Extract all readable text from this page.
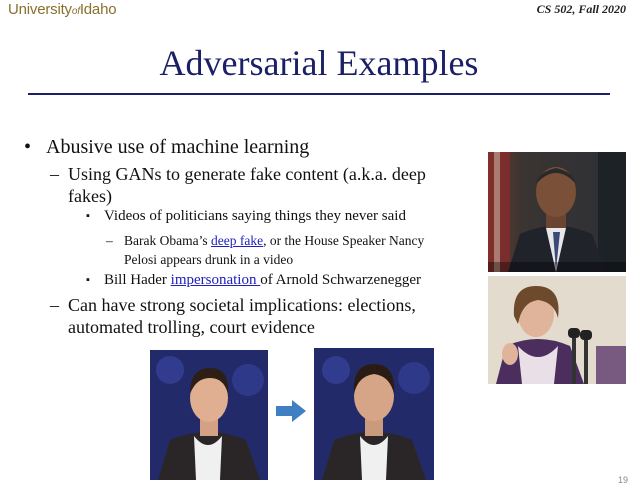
UniversityofIdaho	CS 502, Fall 2020
Adversarial Examples
• Abusive use of machine learning
– Using GANs to generate fake content (a.k.a. deep
fakes)
▪ Videos of politicians saying things they never said
– Barak Obama’s deep fake, or the House Speaker Nancy
Pelosi appears drunk in a video
▪ Bill Hader impersonation of Arnold Schwarzenegger
– Can have strong societal implications: elections,
automated trolling, court evidence
19
